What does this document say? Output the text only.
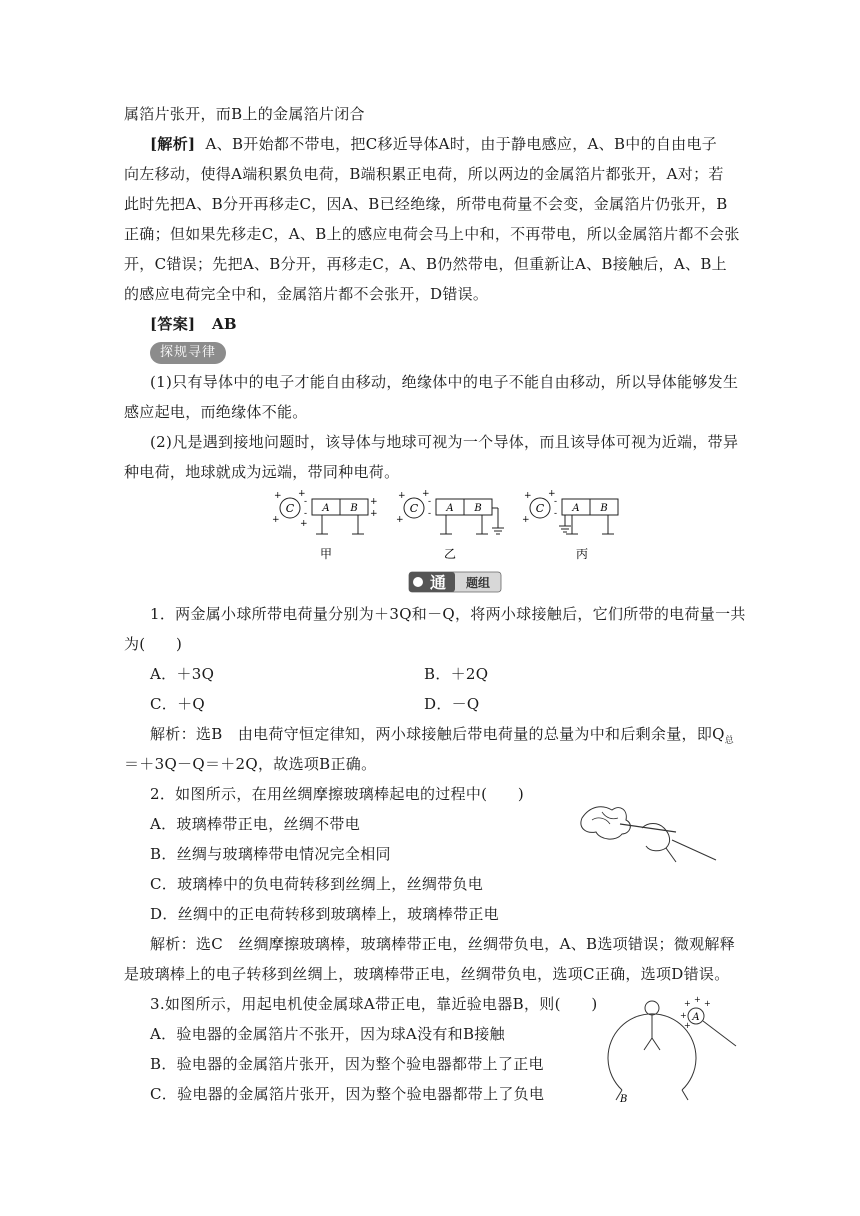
属箔片张开，而B上的金属箔片闭合
[解析] A、B开始都不带电，把C移近导体A时，由于静电感应，A、B中的自由电子
向左移动，使得A端积累负电荷，B端积累正电荷，所以两边的金属箔片都张开，A对；若
此时先把A、B分开再移走C，因A、B已经绝缘，所带电荷量不会变，金属箔片仍张开，B
正确；但如果先移走C，A、B上的感应电荷会马上中和，不再带电，所以金属箔片都不会张
开，C错误；先把A、B分开，再移走C，A、B仍然带电，但重新让A、B接触后，A、B上
的感应电荷完全中和，金属箔片都不会张开，D错误。
[答案] AB
探规寻律
(1)只有导体中的电子才能自由移动，绝缘体中的电子不能自由移动，所以导体能够发生
感应起电，而绝缘体不能。
(2)凡是遇到接地问题时，该导体与地球可视为一个导体，而且该导体可视为近端，带异
种电荷，地球就成为远端，带同种电荷。
C
+ +
+ +
A B
-
-
+
+
甲
C
+ +
+
A B
-
-
乙
C
+ +
+
A B
-
-
丙
通 题组
1．两金属小球所带电荷量分别为＋3Q和－Q，将两小球接触后，它们所带的电荷量一共
为(　　)
A．＋3Q	B．＋2Q
C．＋Q	D．－Q
解析：选B　由电荷守恒定律知，两小球接触后带电荷量的总量为中和后剩余量，即$Q_总$
＝＋3Q－Q＝＋2Q，故选项B正确。
2．如图所示，在用丝绸摩擦玻璃棒起电的过程中(　　)
A．玻璃棒带正电，丝绸不带电
B．丝绸与玻璃棒带电情况完全相同
C．玻璃棒中的负电荷转移到丝绸上，丝绸带负电
D．丝绸中的正电荷转移到玻璃棒上，玻璃棒带正电
解析：选C　丝绸摩擦玻璃棒，玻璃棒带正电，丝绸带负电，A、B选项错误；微观解释
是玻璃棒上的电子转移到丝绸上，玻璃棒带正电，丝绸带负电，选项C正确，选项D错误。
3.如图所示，用起电机使金属球A带正电，靠近验电器B，则(　　)
A．验电器的金属箔片不张开，因为球A没有和B接触
B．验电器的金属箔片张开，因为整个验电器都带上了正电
C．验电器的金属箔片张开，因为整个验电器都带上了负电	B
A
+ + +
+
+
